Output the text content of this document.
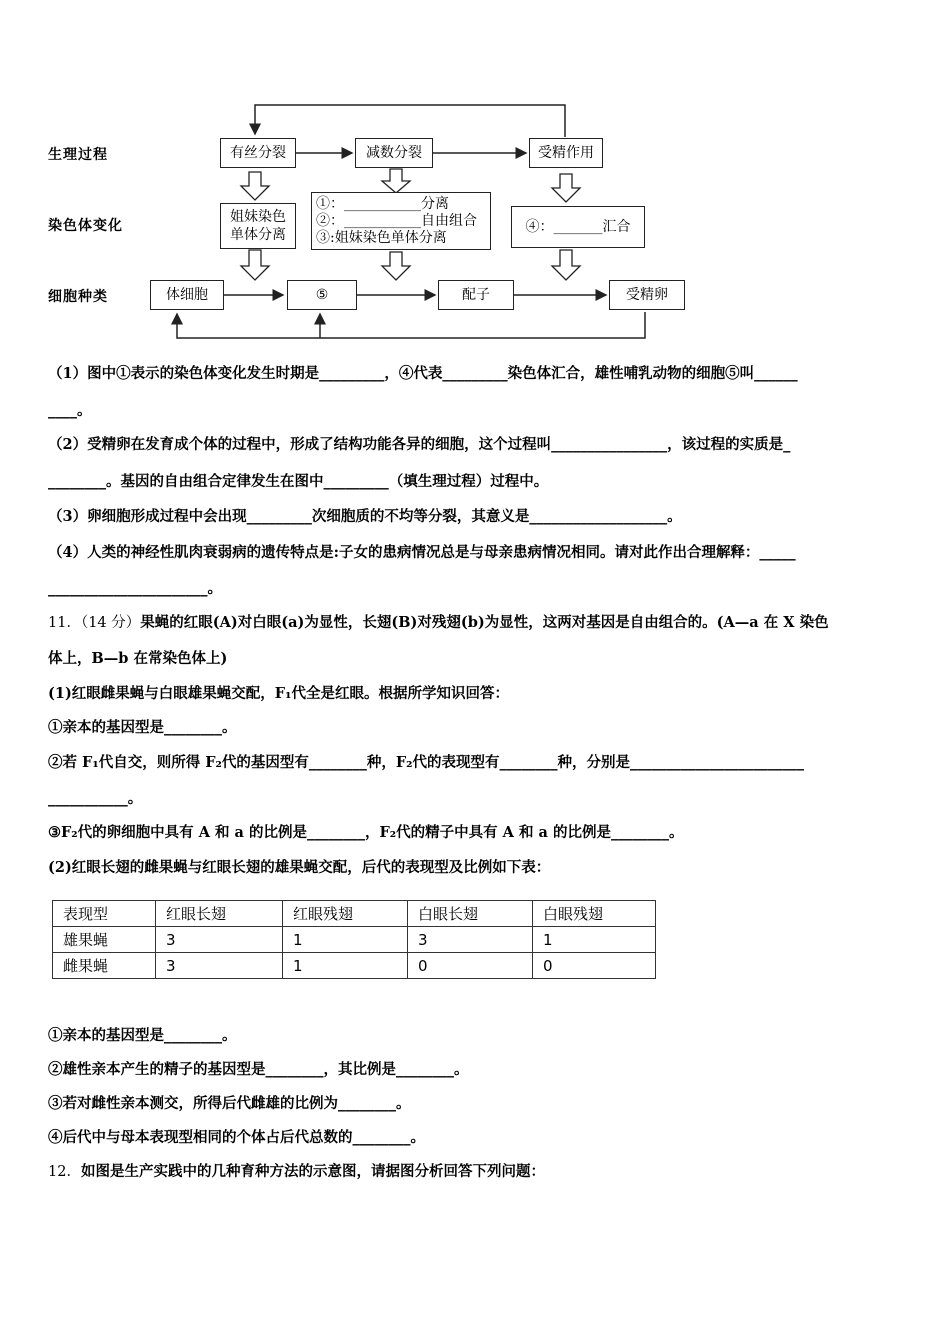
生理过程
染色体变化
细胞种类
有丝分裂	减数分裂	受精作用
姐妹染色
单体分离
①：___________分离
②：___________自由组合
③:姐妹染色单体分离
④：_______汇合
体细胞	⑤	配子	受精卵
（1）图中①表示的染色体变化发生时期是_________，④代表_________染色体汇合，雄性哺乳动物的细胞⑤叫______
____。
（2）受精卵在发育成个体的过程中，形成了结构功能各异的细胞，这个过程叫________________，该过程的实质是_
________。基因的自由组合定律发生在图中_________（填生理过程）过程中。
（3）卵细胞形成过程中会出现_________次细胞质的不均等分裂，其意义是___________________。
（4）人类的神经性肌肉衰弱病的遗传特点是:子女的患病情况总是与母亲患病情况相同。请对此作出合理解释：_____
______________________。
11．（14 分）果蝇的红眼(A)对白眼(a)为显性，长翅(B)对残翅(b)为显性，这两对基因是自由组合的。(A—a 在 X 染色
体上，B—b 在常染色体上)
(1)红眼雌果蝇与白眼雄果蝇交配，F₁代全是红眼。根据所学知识回答：
①亲本的基因型是________。
②若 F₁代自交，则所得 F₂代的基因型有________种，F₂代的表现型有________种，分别是________________________
___________。
③F₂代的卵细胞中具有 A 和 a 的比例是________，F₂代的精子中具有 A 和 a 的比例是________。
(2)红眼长翅的雌果蝇与红眼长翅的雄果蝇交配，后代的表现型及比例如下表：
表现型	红眼长翅	红眼残翅	白眼长翅	白眼残翅
雄果蝇	3	1	3	1
雌果蝇	3	1	0	0
①亲本的基因型是________。
②雄性亲本产生的精子的基因型是________，其比例是________。
③若对雌性亲本测交，所得后代雌雄的比例为________。
④后代中与母本表现型相同的个体占后代总数的________。
12．如图是生产实践中的几种育种方法的示意图，请据图分析回答下列问题：
